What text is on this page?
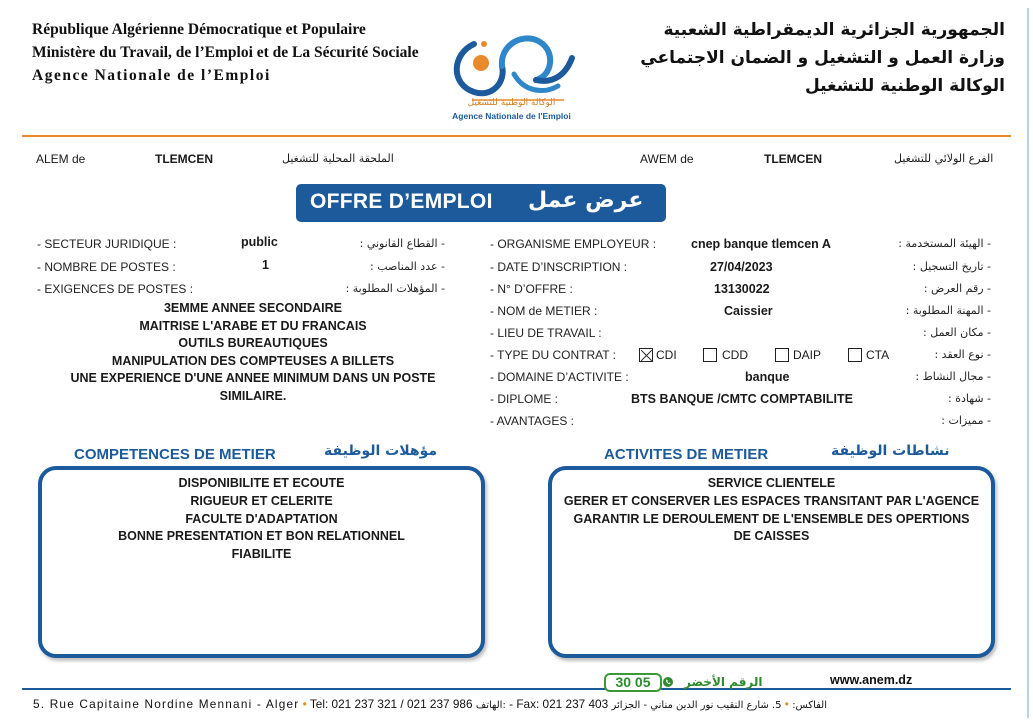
République Algérienne Démocratique et Populaire
Ministère du Travail, de l’Emploi et de La Sécurité Sociale
Agence Nationale de l’Emploi
الجمهورية الجزائرية الديمقراطية الشعبية
وزارة العمل و التشغيل و الضمان الاجتماعي
الوكالة الوطنية للتشغيل
الوكالة الوطنية للتشغيل
Agence Nationale de l'Emploi
ALEM de	TLEMCEN	الملحقة المحلية للتشغيل	AWEM de	TLEMCEN	الفرع الولائي للتشغيل
OFFRE D’EMPLOI عرض عمل
- SECTEUR JURIDIQUE :	public	- القطاع القانوني :
- NOMBRE DE POSTES :	1	- عدد المناصب :
- EXIGENCES DE POSTES :	- المؤهلات المطلوبة :
3EMME ANNEE SECONDAIRE
MAITRISE L'ARABE ET DU FRANCAIS
OUTILS BUREAUTIQUES
MANIPULATION DES COMPTEUSES A BILLETS
UNE EXPERIENCE D'UNE ANNEE MINIMUM DANS UN POSTE
SIMILAIRE.
- ORGANISME EMPLOYEUR :	cnep banque tlemcen A	- الهيئة المستخدمة :
- DATE D’INSCRIPTION :	27/04/2023	- تاريخ التسجيل :
- N° D’OFFRE :	13130022	- رقم العرض :
- NOM de METIER :	Caissier	- المهنة المطلوبة :
- LIEU DE TRAVAIL :	- مكان العمل :
- TYPE DU CONTRAT :	CDI	CDD	DAIP	CTA	- نوع العقد :
- DOMAINE D’ACTIVITE :	banque	- مجال النشاط :
- DIPLOME :	BTS BANQUE /CMTC COMPTABILITE	- شهادة :
- AVANTAGES :	- مميزات :
COMPETENCES DE METIER	مؤهلات الوظيفة	ACTIVITES DE METIER	نشاطات الوظيفة
DISPONIBILITE ET ECOUTE
RIGUEUR ET CELERITE
FACULTE D'ADAPTATION
BONNE PRESENTATION ET BON RELATIONNEL
FIABILITE
SERVICE CLIENTELE
GERER ET CONSERVER LES ESPACES TRANSITANT PAR L'AGENCE
GARANTIR LE DEROULEMENT DE L'ENSEMBLE DES OPERTIONS
DE CAISSES
30 05	الرقم الأخضر	www.anem.dz
5. Rue Capitaine Nordine Mennani - Alger • Tel: 021 237 321 / 021 237 986 الهاتف: - Fax: 021 237 403	الفاكس: • 5. شارع النقيب نور الدين مناني - الجزائر
